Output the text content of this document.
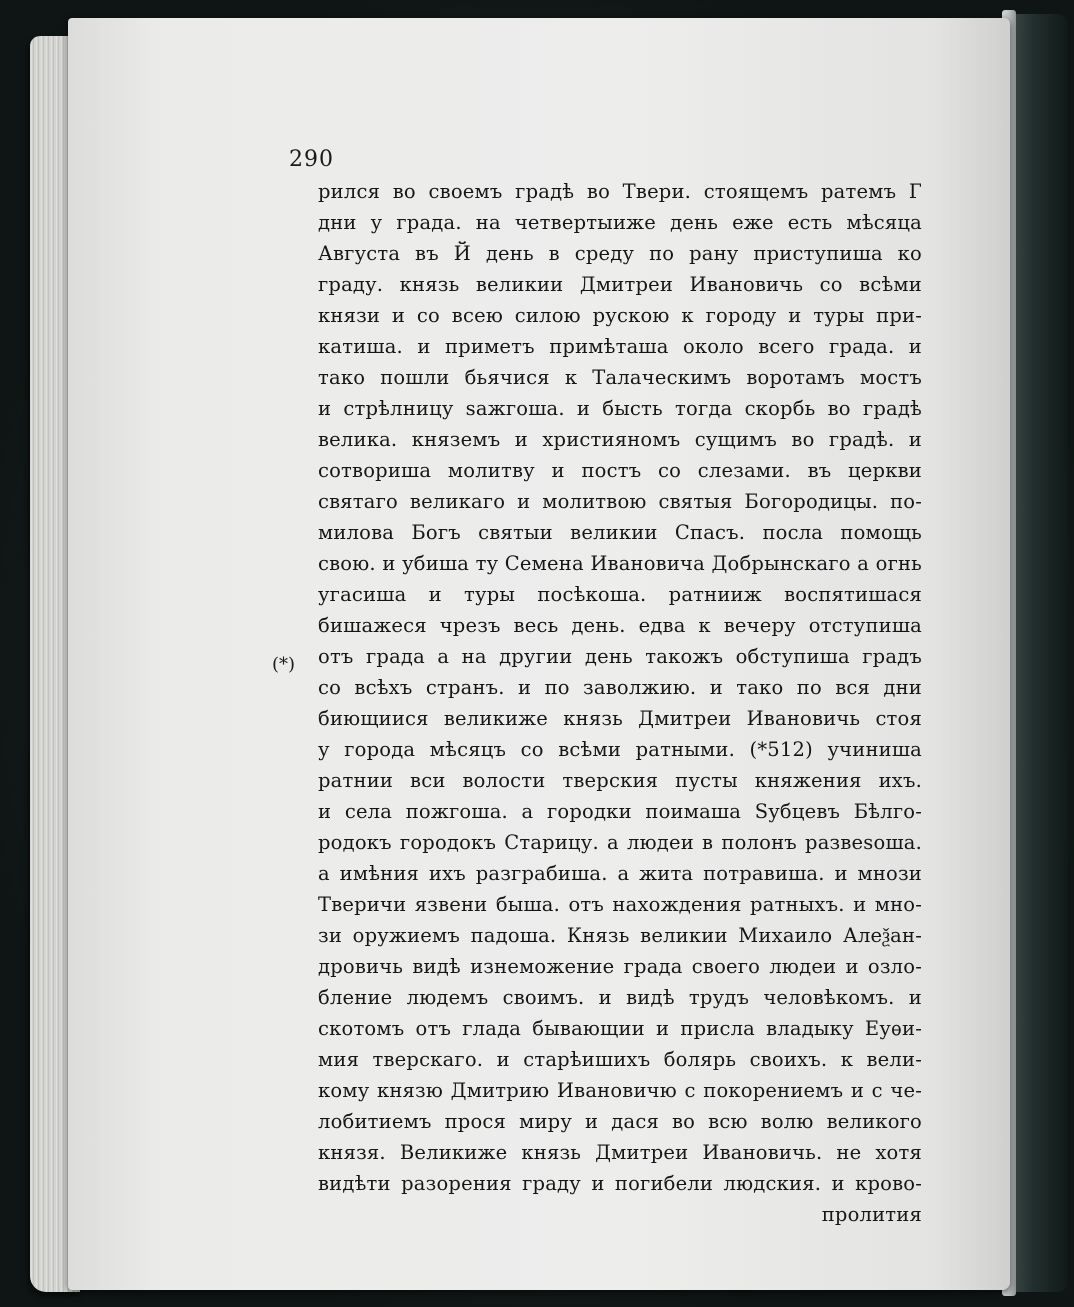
290
(*)
рился во своемъ градѣ во Твери. стоящемъ ратемъ Г
дни у града. на четвертыиже день еже есть мѣсяца
Августа въ Й день в среду по рану приступиша ко
граду. князь великии Дмитреи Ивановичь со всѣми
князи и со всею силою рускою к городу и туры при-
катиша. и приметъ примѣташа около всего града. и
тако пошли бьячися к Талаческимъ воротамъ мостъ
и стрѣлницу sажгоша. и бысть тогда скорбь во градѣ
велика. княземъ и християномъ сущимъ во градѣ. и
сотвориша молитву и постъ со слезами. въ церкви
святаго великаго и молитвою святыя Богородицы. по-
милова Богъ святыи великии Спасъ. посла помощь
свою. и убиша ту Семена Ивановича Добрынскаго а огнь
угасиша и туры посѣкоша. ратнииж воспятишася
бишажеся чрезъ весь день. едва к вечеру отступиша
отъ града а на другии день такожъ обступиша градъ
со всѣхъ странъ. и по заволжию. и тако по вся дни
биющиися великиже князь Дмитреи Ивановичь стоя
у города мѣсяцъ со всѣми ратными. (*512) учиниша
ратнии вси волости тверския пусты княжения ихъ.
и села пожгоша. а городки поимаша Ѕубцевъ Бѣлго-
родокъ городокъ Старицу. а людеи в полонъ развеsоша.
а имѣния ихъ разграбиша. а жита потравиша. и мнози
Тверичи язвени быша. отъ нахождения ратныхъ. и мно-
зи оружиемъ падоша. Князь великии Михаило Алеѯан-
дровичь видѣ изнеможение града своего людеи и озло-
бление людемъ своимъ. и видѣ трудъ человѣкомъ. и
скотомъ отъ глада бывающии и присла владыку Еуѳи-
мия тверскаго. и старѣишихъ болярь своихъ. к вели-
кому князю Дмитрию Ивановичю с покорениемъ и с че-
лобитиемъ прося миру и дася во всю волю великого
князя. Великиже князь Дмитреи Ивановичь. не хотя
видѣти разорения граду и погибели людския. и крово-
пролития
